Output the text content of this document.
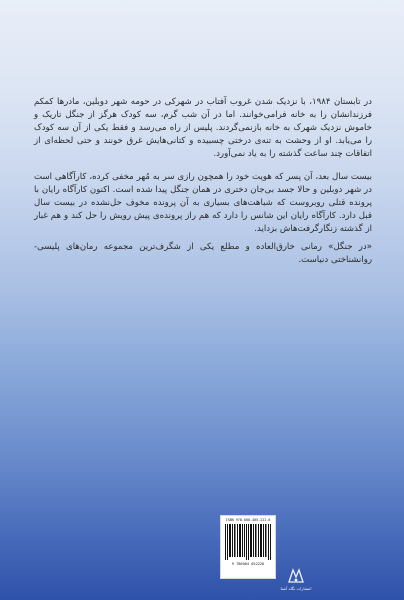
در تابستان ۱۹۸۴، با نزدیک شدن غروب آفتاب در شهرکی در حومه شهر دوبلین، مادرها کمکم فرزندانشان را به خانه فرامی‌خوانند. اما در آن شب گرم، سه کودک هرگز از جنگل تاریک و خاموش نزدیک شهرک به خانه بازنمی‌گردند. پلیس از راه می‌رسد و فقط یکی از آن سه کودک را می‌یابد. او از وحشت به تنه‌ی درختی چسبیده و کتانی‌هایش غرق خونند و حتی لحظه‌ای از اتفاقات چند ساعت گذشته را به یاد نمی‌آورد.

بیست سال بعد، آن پسر که هویت خود را همچون رازی سر به مُهر مخفی کرده، کارآگاهی است در شهر دوبلین و حالا جسد بی‌جان دختری در همان جنگل پیدا شده است. اکنون کارآگاه رایان با پرونده قتلی روبروست که شباهت‌های بسیاری به آن پرونده مخوف حل‌نشده در بیست سال قبل دارد. کارآگاه رایان این شانس را دارد که هم راز پرونده‌ی پیش رویش را حل کند و هم غبار از گذشته زنگارگرفت‌هاش بزداید.

«در جنگل» رمانی خارق‌العاده و مطلع یکی از شگرف‌ترین مجموعه رمان‌های پلیسی- روانشناختی دنیاست.

ISBN 978-600-405-222-6
9 786004 052226
انتشارات نگاه آشنا
